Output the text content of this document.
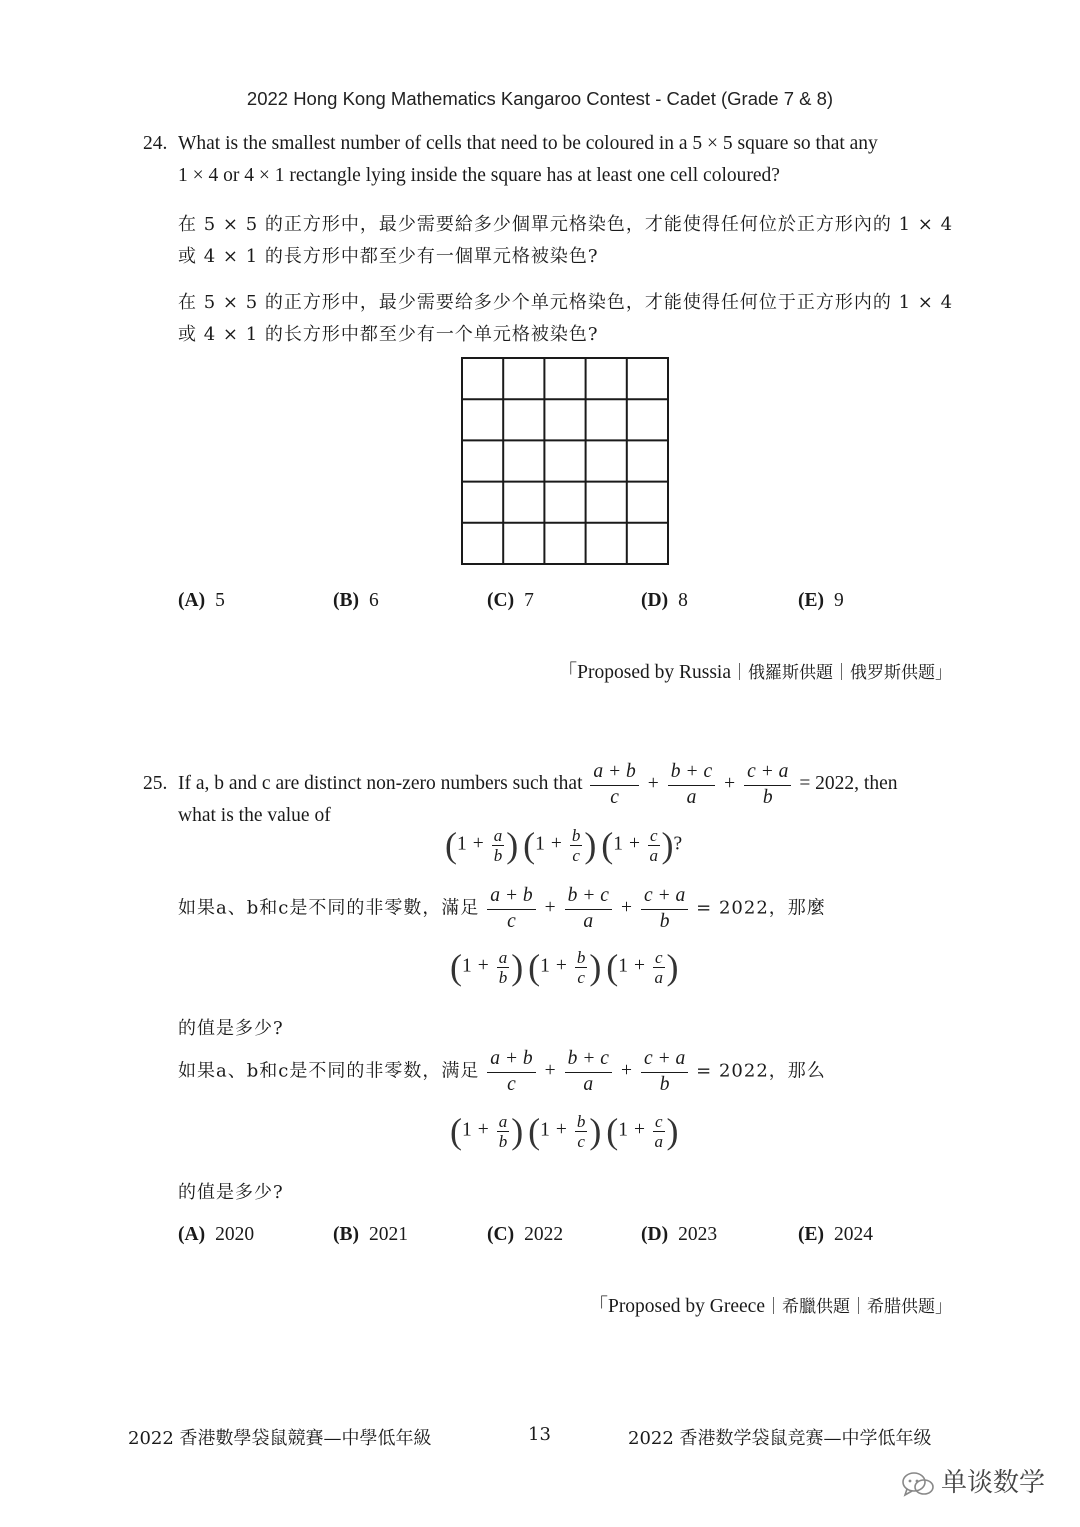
2022 Hong Kong Mathematics Kangaroo Contest - Cadet (Grade 7 & 8)
24. What is the smallest number of cells that need to be coloured in a 5 × 5 square so that any
1 × 4 or 4 × 1 rectangle lying inside the square has at least one cell coloured?
在 5 × 5 的正方形中，最少需要給多少個單元格染色，才能使得任何位於正方形內的 1 × 4
或 4 × 1 的長方形中都至少有一個單元格被染色?
在 5 × 5 的正方形中，最少需要给多少个单元格染色，才能使得任何位于正方形内的 1 × 4
或 4 × 1 的长方形中都至少有一个单元格被染色?
(A) 5	(B) 6	(C) 7	(D) 8	(E) 9
「Proposed by Russia｜俄羅斯供題｜俄罗斯供题」
25. If a, b and c are distinct non-zero numbers such that $\frac{a + b}{c} + \frac{b + c}{a} + \frac{c + a}{b} = 2022$, then
what is the value of
($1 + \frac{a}{b}$ ) ($1 + \frac{b}{c}$ ) ($1 + \frac{c}{a}$ )?
如果a、b和c是不同的非零數，滿足 $\frac{a + b}{c} + \frac{b + c}{a} + \frac{c + a}{b} = 2022$，那麼
($1 + \frac{a}{b}$ ) ($1 + \frac{b}{c}$ ) ($1 + \frac{c}{a}$ )
的值是多少?
如果a、b和c是不同的非零数，满足 $\frac{a + b}{c} + \frac{b + c}{a} + \frac{c + a}{b} = 2022$，那么
($1 + \frac{a}{b}$ ) ($1 + \frac{b}{c}$ ) ($1 + \frac{c}{a}$ )
的值是多少?
(A) 2020	(B) 2021	(C) 2022	(D) 2023	(E) 2024
「Proposed by Greece｜希臘供題｜希腊供题」
2022 香港數學袋鼠競賽—中學低年級	13	2022 香港数学袋鼠竞赛—中学低年级
单谈数学
